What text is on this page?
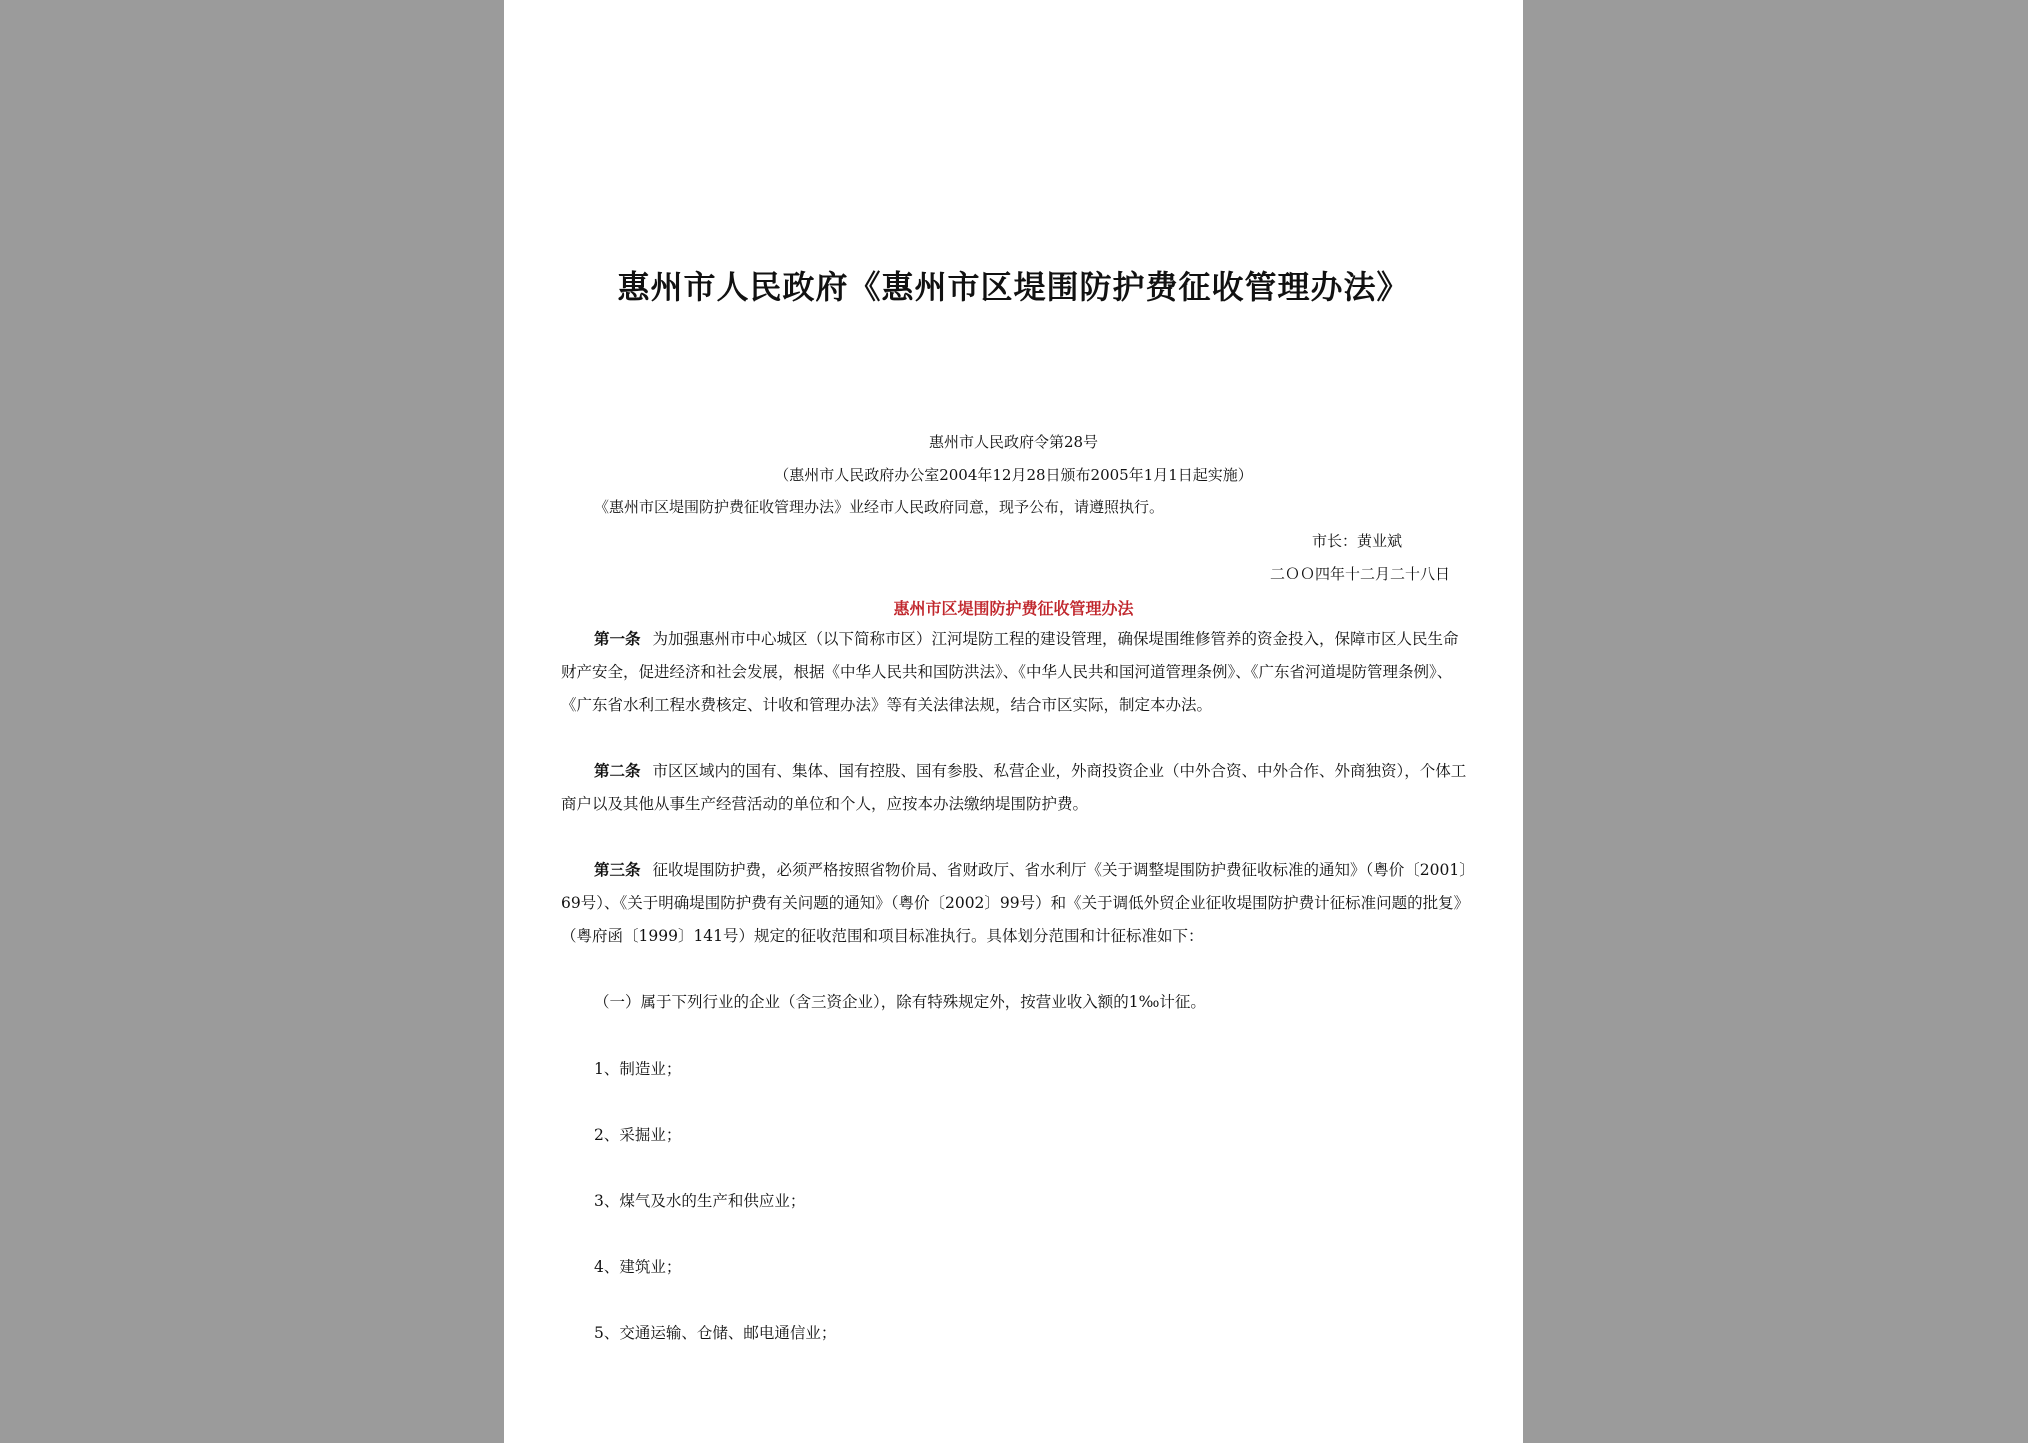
惠州市人民政府《惠州市区堤围防护费征收管理办法》

惠州市人民政府令第28号

（惠州市人民政府办公室2004年12月28日颁布2005年1月1日起实施）

《惠州市区堤围防护费征收管理办法》业经市人民政府同意，现予公布，请遵照执行。

市长：黄业斌

二ＯＯ四年十二月二十八日

惠州市区堤围防护费征收管理办法

第一条 为加强惠州市中心城区（以下简称市区）江河堤防工程的建设管理，确保堤围维修管养的资金投入，保障市区人民生命财产安全，促进经济和社会发展，根据《中华人民共和国防洪法》、《中华人民共和国河道管理条例》、《广东省河道堤防管理条例》、《广东省水利工程水费核定、计收和管理办法》等有关法律法规，结合市区实际，制定本办法。

第二条 市区区域内的国有、集体、国有控股、国有参股、私营企业，外商投资企业（中外合资、中外合作、外商独资），个体工商户以及其他从事生产经营活动的单位和个人，应按本办法缴纳堤围防护费。

第三条 征收堤围防护费，必须严格按照省物价局、省财政厅、省水利厅《关于调整堤围防护费征收标准的通知》（粤价〔2001〕69号）、《关于明确堤围防护费有关问题的通知》（粤价〔2002〕99号）和《关于调低外贸企业征收堤围防护费计征标准问题的批复》（粤府函〔1999〕141号）规定的征收范围和项目标准执行。具体划分范围和计征标准如下：

（一）属于下列行业的企业（含三资企业），除有特殊规定外，按营业收入额的1‰计征。

1、制造业；

2、采掘业；

3、煤气及水的生产和供应业；

4、建筑业；

5、交通运输、仓储、邮电通信业；
